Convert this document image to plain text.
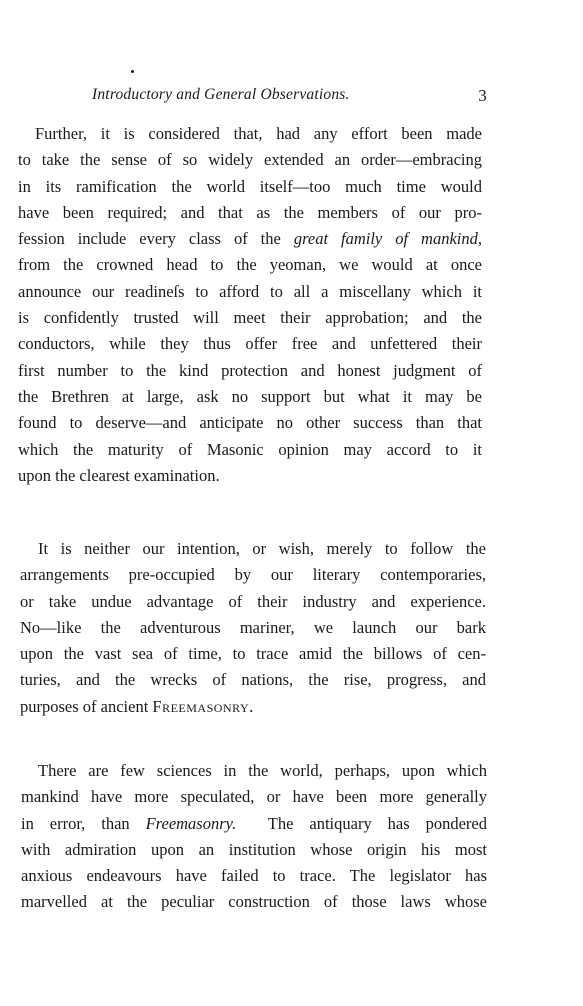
Introductory and General Observations.	3
Further, it is considered that, had any effort been made
to take the sense of so widely extended an order—embracing
in its ramification the world itself—too much time would
have been required; and that as the members of our pro-
fession include every class of the great family of mankind,
from the crowned head to the yeoman, we would at once
announce our readineſs to afford to all a miscellany which it
is confidently trusted will meet their approbation; and the
conductors, while they thus offer free and unfettered their
first number to the kind protection and honest judgment of
the Brethren at large, ask no support but what it may be
found to deserve—and anticipate no other success than that
which the maturity of Masonic opinion may accord to it
upon the clearest examination.
It is neither our intention, or wish, merely to follow the
arrangements pre-occupied by our literary contemporaries,
or take undue advantage of their industry and experience.
No—like the adventurous mariner, we launch our bark
upon the vast sea of time, to trace amid the billows of cen-
turies, and the wrecks of nations, the rise, progress, and
purposes of ancient Freemasonry.
There are few sciences in the world, perhaps, upon which
mankind have more speculated, or have been more generally
in error, than Freemasonry.  The antiquary has pondered
with admiration upon an institution whose origin his most
anxious endeavours have failed to trace. The legislator has
marvelled at the peculiar construction of those laws whose
